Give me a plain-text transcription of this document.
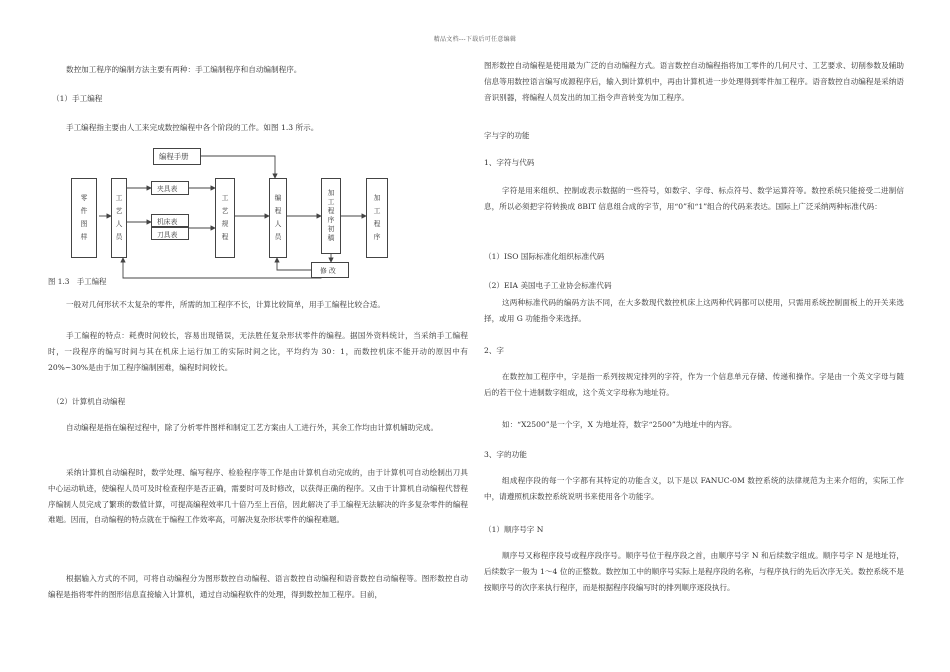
精品文档---下载后可任意编辑

数控加工程序的编制方法主要有两种：手工编制程序和自动编制程序。

（1）手工编程

手工编程指主要由人工来完成数控编程中各个阶段的工作。如图 1.3 所示。

零
件
图
样
工
艺
人
员
夹具表
机床表
刀具表
工
艺
规
程
编程手册
编
程
人
员
加
工
程
序
初
稿
加
工
程
序
修 改
图 1.3　手工编程

一般对几何形状不太复杂的零件，所需的加工程序不长，计算比较简单，用手工编程比较合适。

手工编程的特点：耗费时间较长，容易出现错误，无法胜任复杂形状零件的编程。据国外资料统计，当采纳手工编程时，一段程序的编写时间与其在机床上运行加工的实际时间之比，平均约为 30：1，而数控机床不能开动的原因中有 20%~30%是由于加工程序编制困难，编程时间较长。

（2）计算机自动编程

自动编程是指在编程过程中，除了分析零件图样和制定工艺方案由人工进行外，其余工作均由计算机辅助完成。

采纳计算机自动编程时，数学处理、编写程序、检验程序等工作是由计算机自动完成的，由于计算机可自动绘制出刀具中心运动轨迹，使编程人员可及时检查程序是否正确，需要时可及时修改，以获得正确的程序。又由于计算机自动编程代替程序编制人员完成了繁琐的数值计算，可提高编程效率几十倍乃至上百倍，因此解决了手工编程无法解决的许多复杂零件的编程难题。因而，自动编程的特点就在于编程工作效率高，可解决复杂形状零件的编程难题。

根据输入方式的不同，可将自动编程分为图形数控自动编程、语言数控自动编程和语音数控自动编程等。图形数控自动编程是指将零件的图形信息直接输入计算机，通过自动编程软件的处理，得到数控加工程序。目前，

图形数控自动编程是使用最为广泛的自动编程方式。语言数控自动编程指将加工零件的几何尺寸、工艺要求、切削参数及辅助信息等用数控语言编写成源程序后，输入到计算机中，再由计算机进一步处理得到零件加工程序。语音数控自动编程是采纳语音识别器，将编程人员发出的加工指令声音转变为加工程序。

字与字的功能

1、字符与代码

字符是用来组织、控制或表示数据的一些符号，如数字、字母、标点符号、数学运算符等。数控系统只能接受二进制信息，所以必须把字符转换成 8BIT 信息组合成的字节，用“0”和“1”组合的代码来表达。国际上广泛采纳两种标准代码：

（1）ISO 国际标准化组织标准代码

（2）EIA 美国电子工业协会标准代码

这两种标准代码的编码方法不同，在大多数现代数控机床上这两种代码都可以使用，只需用系统控制面板上的开关来选择，或用 G 功能指令来选择。

2、字

在数控加工程序中，字是指一系列按规定排列的字符，作为一个信息单元存储、传递和操作。字是由一个英文字母与随后的若干位十进制数字组成，这个英文字母称为地址符。

如：“X2500”是一个字，X 为地址符，数字“2500”为地址中的内容。

3、字的功能

组成程序段的每一个字都有其特定的功能含义，以下是以 FANUC-0M 数控系统的法律规范为主来介绍的，实际工作中，请遵照机床数控系统说明书来使用各个功能字。

（1）顺序号字 N

顺序号又称程序段号或程序段序号。顺序号位于程序段之首，由顺序号字 N 和后续数字组成。顺序号字 N 是地址符，后续数字一般为 1～4 位的正整数。数控加工中的顺序号实际上是程序段的名称，与程序执行的先后次序无关。数控系统不是按顺序号的次序来执行程序，而是根据程序段编写时的排列顺序逐段执行。
